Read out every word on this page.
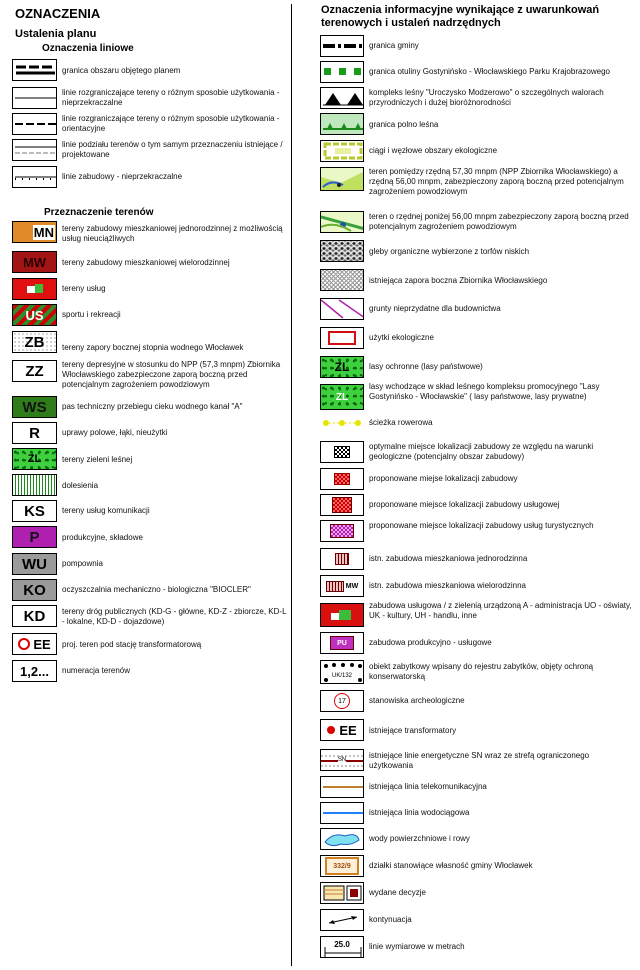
OZNACZENIA
Ustalenia planu
Oznaczenia liniowe
granica obszaru objętego planem
linie rozgraniczające tereny o różnym sposobie użytkowania - nieprzekraczalne
linie rozgraniczające tereny o różnym sposobie użytkowania - orientacyjne
linie podziału terenów o tym samym przeznaczeniu istniejące / projektowane
linie zabudowy - nieprzekraczalne
Przeznaczenie terenów
MN tereny zabudowy mieszkaniowej jednorodzinnej z możliwością usług nieuciążliwych
MW tereny zabudowy mieszkaniowej wielorodzinnej
tereny usług
US sportu i rekreacji
ZB tereny zapory bocznej stopnia wodnego Włocławek
ZZ tereny depresyjne w stosunku do NPP (57,3 mnpm) Zbiornika Włocławskiego zabezpieczone zaporą boczną przed potencjalnym zagrożeniem powodziowym
WS pas techniczny przebiegu cieku wodnego kanał "A"
R	uprawy polowe, łąki, nieużytki
ZL	tereny zieleni leśnej
dolesienia
KS tereny usług komunikacji
P	produkcyjne, składowe
WU pompownia
KO oczyszczalnia mechaniczno - biologiczna "BIOCLER"
KD tereny dróg publicznych (KD-G - główne, KD-Z - zbiorcze, KD-L - lokalne, KD-D - dojazdowe)
EE proj. teren pod stację transformatorową
1,2... numeracja terenów
Oznaczenia informacyjne wynikające z uwarunkowań terenowych i ustaleń nadrzędnych
granica gminy
granica otuliny Gostynińsko - Włocławskiego Parku Krajobrazowego
kompleks leśny "Uroczysko Modzerowo" o szczególnych walorach przyrodniczych i dużej bioróżnorodności
granica polno leśna
ciągi i węzłowe obszary ekologiczne
teren pomiędzy rzędną 57,30 mnpm (NPP Zbiornika Włocławskiego) a rzędną 56,00 mnpm, zabezpieczony zaporą boczną przed potencjalnym zagrożeniem powodziowym
teren o rzędnej poniżej 56,00 mnpm zabezpieczony zaporą boczną przed potencjalnym zagrożeniem powodziowym
gleby organiczne wybierzone z torfów niskich
istniejąca zapora boczna Zbiornika Włocławskiego
grunty nieprzydatne dla budownictwa
użytki ekologiczne
ZL lasy ochronne (lasy państwowe)
ZL
lasy wchodzące w skład leśnego kompleksu promocyjnego "Lasy Gostynińsko - Włocławskie" ( lasy państwowe, lasy prywatne)
ścieżka rowerowa
optymalne miejsce lokalizacji zabudowy ze względu na warunki geologiczne (potencjalny obszar zabudowy)
proponowane miejse lokalizacji zabudowy
proponowane miejsce lokalizacji zabudowy usługowej
proponowane miejsce lokalizacji zabudowy usług turystycznych
istn. zabudowa mieszkaniowa jednorodzinna
MW istn. zabudowa mieszkaniowa wielorodzinna
zabudowa usługowa / z zielenią urządzoną A - administracja UO - oświaty, UK - kultury, UH - handlu, inne
PU	zabudowa produkcyjno - usługowe
UK/132
obiekt zabytkowy wpisany do rejestru zabytków, objęty ochroną konserwatorską
17	stanowiska archeologiczne
EE istniejące transformatory
SN	istniejące linie energetyczne SN wraz ze strefą ograniczonego użytkowania
istniejąca linia telekomunikacyjna
istniejąca linia wodociągowa
wody powierzchniowe i rowy
332/9 działki stanowiące własność gminy Włocławek
wydane decyzje
kontynuacja
25.0 linie wymiarowe w metrach
